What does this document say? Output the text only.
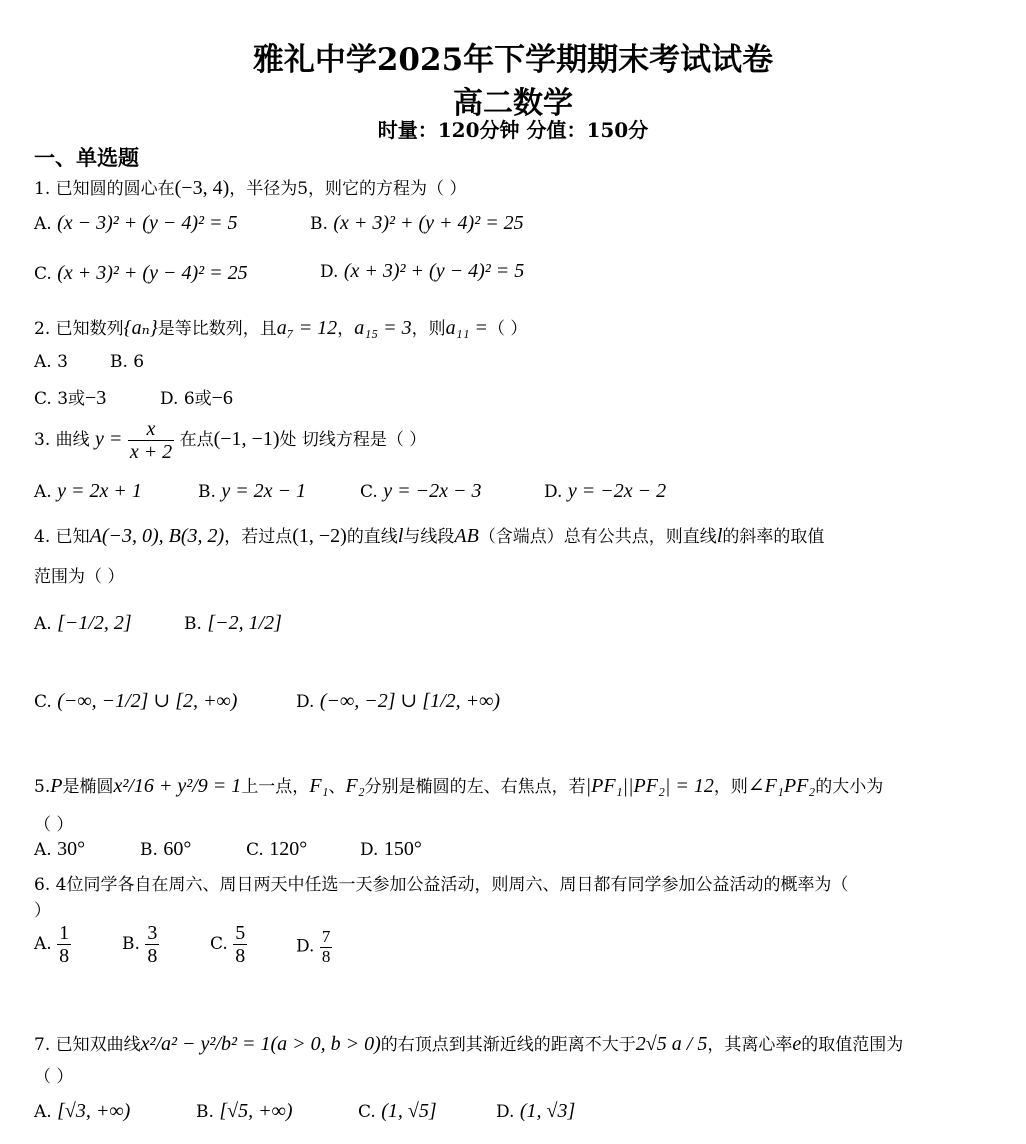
雅礼中学2025年下学期期末考试试卷
高二数学
时量：120分钟 分值：150分
一、单选题
1. 已知圆的圆心在(−3, 4)，半径为5，则它的方程为（ ）
A. (x − 3)² + (y − 4)² = 5	B. (x + 3)² + (y + 4)² = 25
C. (x + 3)² + (y − 4)² = 25	D. (x + 3)² + (y − 4)² = 5
2. 已知数列{aₙ}是等比数列，且a₇ = 12，a₁₅ = 3，则a₁₁ =（ ）
A. 3 B. 6
C. 3或−3	D. 6或−6
3. 曲线 $y = \frac{x}{x + 2}$ 在点(−1, −1)处 切线方程是（ ）
A. y = 2x + 1	B. y = 2x − 1	C. y = −2x − 3	D. y = −2x − 2
4. 已知A(−3, 0), B(3, 2)，若过点(1, −2)的直线l与线段AB（含端点）总有公共点，则直线l的斜率的取值
范围为（ ）
A. [−1/2, 2]	B. [−2, 1/2]
C. (−∞, −1/2] ∪ [2, +∞)	D. (−∞, −2] ∪ [1/2, +∞)
5.P是椭圆x²/16 + y²/9 = 1上一点，F₁、F₂分别是椭圆的左、右焦点，若|PF₁||PF₂| = 12，则∠F₁PF₂的大小为
（ ）
A. 30°	B. 60°	C. 120°	D. 150°
6. 4位同学各自在周六、周日两天中任选一天参加公益活动，则周六、周日都有同学参加公益活动的概率为（
）
A. $\frac{1}{8}$	B. $\frac{3}{8}$	C. $\frac{5}{8}$	D. $\frac{7}{8}$
7. 已知双曲线x²/a² − y²/b² = 1(a > 0, b > 0)的右顶点到其渐近线的距离不大于2√5 a / 5，其离心率e的取值范围为
（ ）
A. [√3, +∞)	B. [√5, +∞)	C. (1, √5]	D. (1, √3]
